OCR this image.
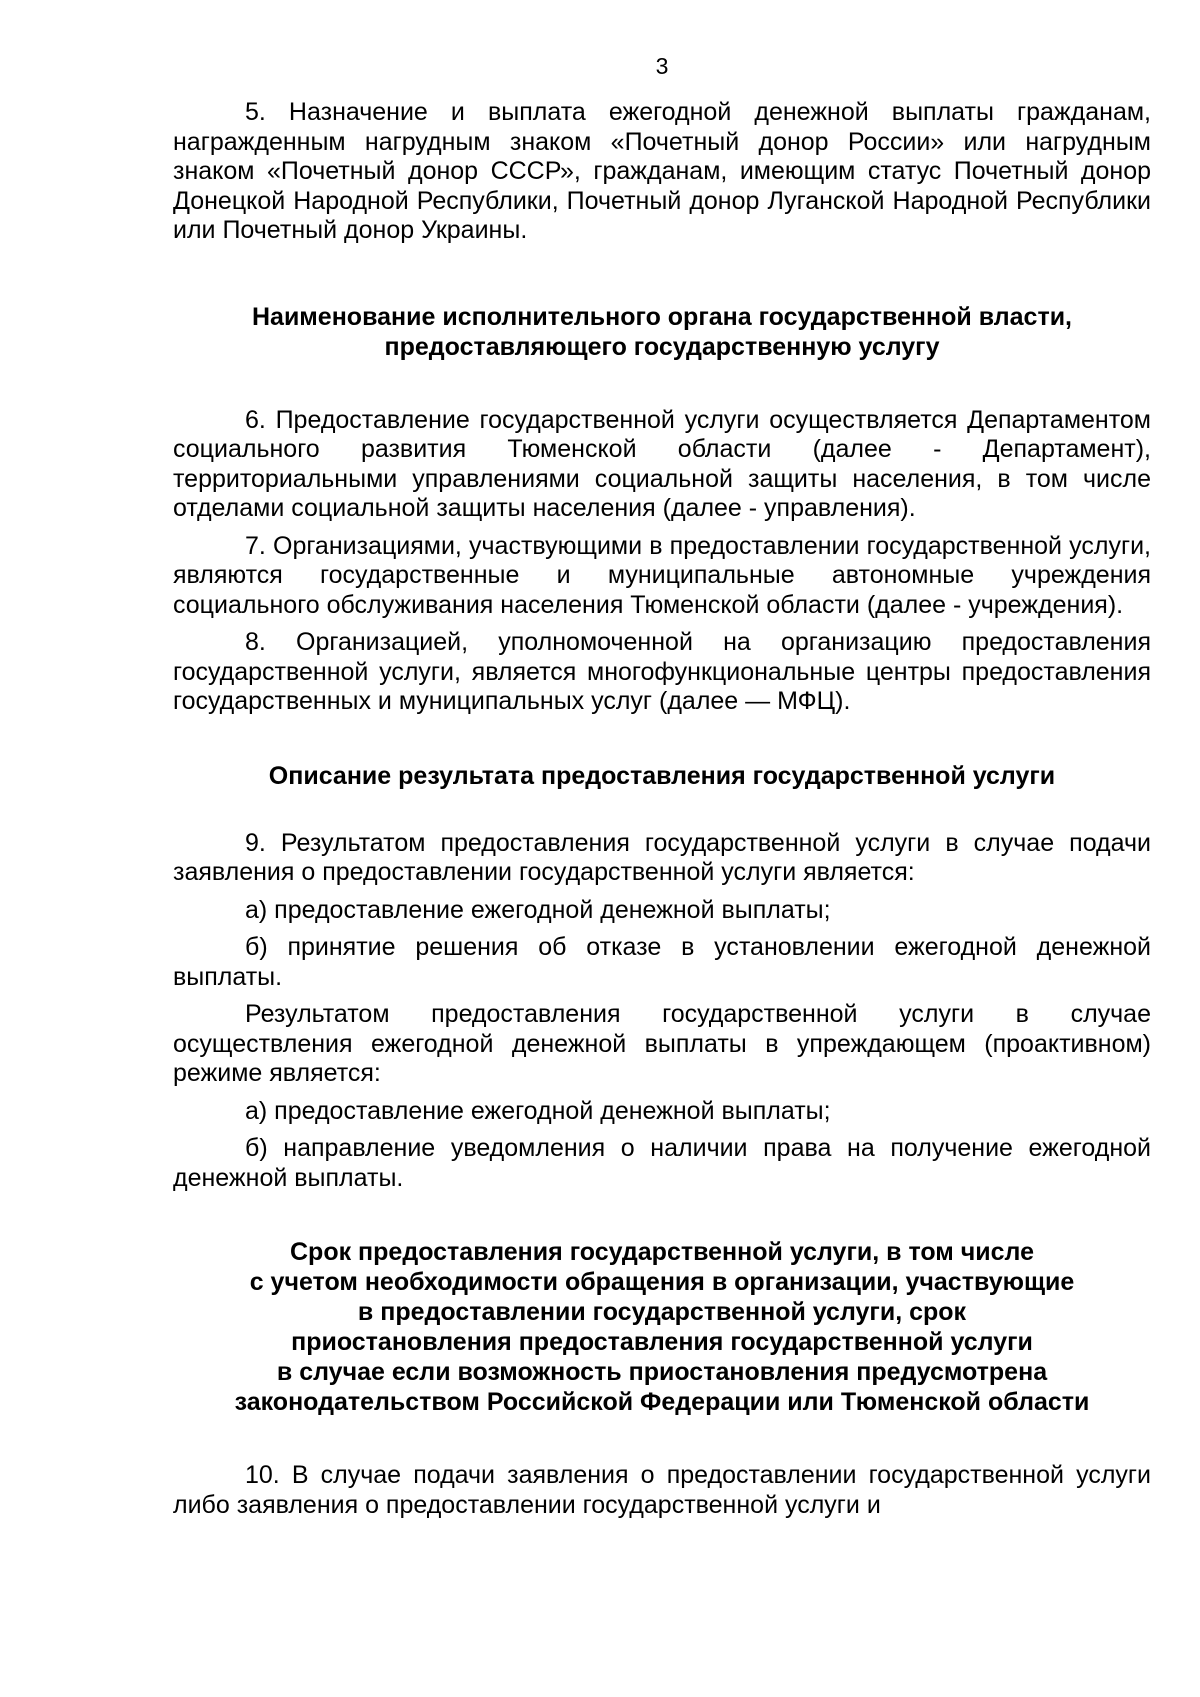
3

5. Назначение и выплата ежегодной денежной выплаты гражданам, награжденным нагрудным знаком «Почетный донор России» или нагрудным знаком «Почетный донор СССР», гражданам, имеющим статус Почетный донор Донецкой Народной Республики, Почетный донор Луганской Народной Республики или Почетный донор Украины.

Наименование исполнительного органа государственной власти, предоставляющего государственную услугу

6. Предоставление государственной услуги осуществляется Департаментом социального развития Тюменской области (далее - Департамент), территориальными управлениями социальной защиты населения, в том числе отделами социальной защиты населения (далее - управления).

7. Организациями, участвующими в предоставлении государственной услуги, являются государственные и муниципальные автономные учреждения социального обслуживания населения Тюменской области (далее - учреждения).

8. Организацией, уполномоченной на организацию предоставления государственной услуги, является многофункциональные центры предоставления государственных и муниципальных услуг (далее — МФЦ).

Описание результата предоставления государственной услуги

9. Результатом предоставления государственной услуги в случае подачи заявления о предоставлении государственной услуги является:

а) предоставление ежегодной денежной выплаты;

б) принятие решения об отказе в установлении ежегодной денежной выплаты.

Результатом предоставления государственной услуги в случае осуществления ежегодной денежной выплаты в упреждающем (проактивном) режиме является:

а) предоставление ежегодной денежной выплаты;

б) направление уведомления о наличии права на получение ежегодной денежной выплаты.

Срок предоставления государственной услуги, в том числе
с учетом необходимости обращения в организации, участвующие
в предоставлении государственной услуги, срок
приостановления предоставления государственной услуги
в случае если возможность приостановления предусмотрена
законодательством Российской Федерации или Тюменской области

10. В случае подачи заявления о предоставлении государственной услуги либо заявления о предоставлении государственной услуги и
